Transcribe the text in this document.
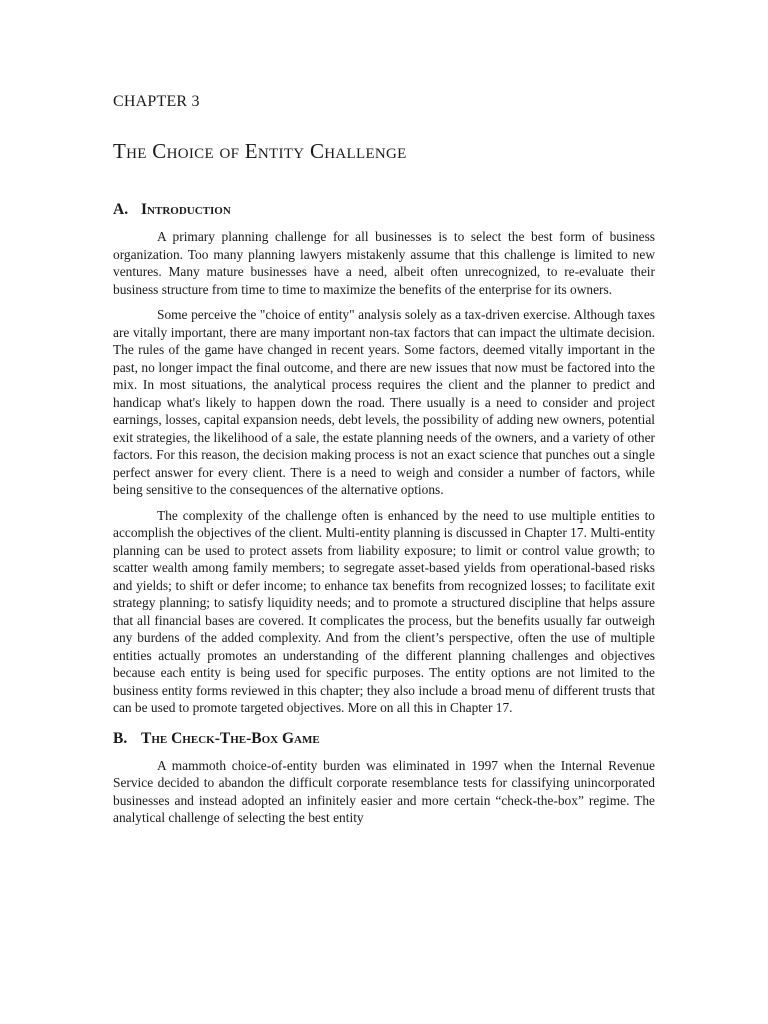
CHAPTER 3
The Choice of Entity Challenge
A. Introduction

A primary planning challenge for all businesses is to select the best form of business organization. Too many planning lawyers mistakenly assume that this challenge is limited to new ventures. Many mature businesses have a need, albeit often unrecognized, to re-evaluate their business structure from time to time to maximize the benefits of the enterprise for its owners.

Some perceive the "choice of entity" analysis solely as a tax-driven exercise. Although taxes are vitally important, there are many important non-tax factors that can impact the ultimate decision. The rules of the game have changed in recent years. Some factors, deemed vitally important in the past, no longer impact the final outcome, and there are new issues that now must be factored into the mix. In most situations, the analytical process requires the client and the planner to predict and handicap what's likely to happen down the road. There usually is a need to consider and project earnings, losses, capital expansion needs, debt levels, the possibility of adding new owners, potential exit strategies, the likelihood of a sale, the estate planning needs of the owners, and a variety of other factors. For this reason, the decision making process is not an exact science that punches out a single perfect answer for every client. There is a need to weigh and consider a number of factors, while being sensitive to the consequences of the alternative options.

The complexity of the challenge often is enhanced by the need to use multiple entities to accomplish the objectives of the client. Multi-entity planning is discussed in Chapter 17. Multi-entity planning can be used to protect assets from liability exposure; to limit or control value growth; to scatter wealth among family members; to segregate asset-based yields from operational-based risks and yields; to shift or defer income; to enhance tax benefits from recognized losses; to facilitate exit strategy planning; to satisfy liquidity needs; and to promote a structured discipline that helps assure that all financial bases are covered. It complicates the process, but the benefits usually far outweigh any burdens of the added complexity. And from the client’s perspective, often the use of multiple entities actually promotes an understanding of the different planning challenges and objectives because each entity is being used for specific purposes. The entity options are not limited to the business entity forms reviewed in this chapter; they also include a broad menu of different trusts that can be used to promote targeted objectives. More on all this in Chapter 17.

B. The Check-The-Box Game

A mammoth choice-of-entity burden was eliminated in 1997 when the Internal Revenue Service decided to abandon the difficult corporate resemblance tests for classifying unincorporated businesses and instead adopted an infinitely easier and more certain “check-the-box” regime. The analytical challenge of selecting the best entity
